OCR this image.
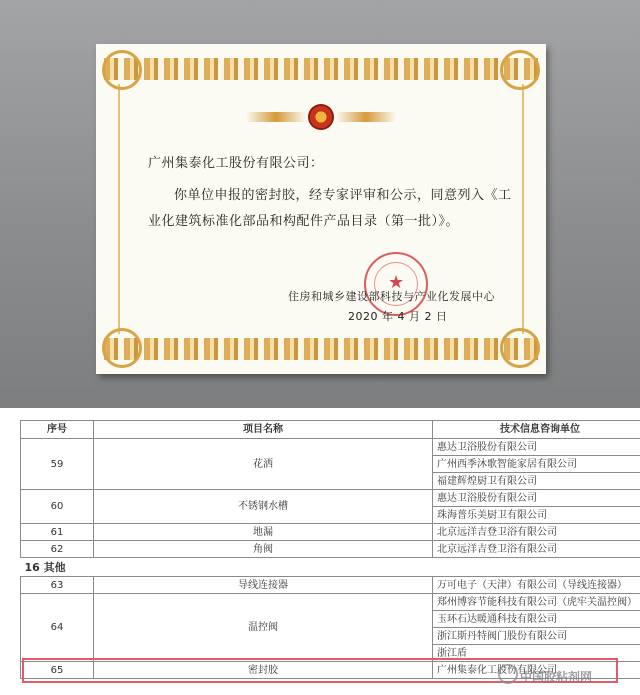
广州集泰化工股份有限公司：
你单位申报的密封胶，经专家评审和公示，同意列入《工
业化建筑标准化部品和构配件产品目录（第一批）》。
★
住房和城乡建设部科技与产业化发展中心
2020 年 4 月 2 日
序号	项目名称	技术信息咨询单位
59	花洒	惠达卫浴股份有限公司
		广州西季沐歌智能家居有限公司
		福建辉煌厨卫有限公司
60	不锈钢水槽	惠达卫浴股份有限公司
		珠海普乐美厨卫有限公司
61	地漏	北京远洋吉登卫浴有限公司
62	角阀	北京远洋吉登卫浴有限公司
16 其他		
63	导线连接器	万可电子（天津）有限公司（导线连接器）
64	温控阀	郑州博容节能科技有限公司（虎牢关温控阀）
		玉环石达暖通科技有限公司
		浙江斯丹特阀门股份有限公司
		浙江盾
65	密封胶	广州集泰化工股份有限公司
中国胶粘剂网
